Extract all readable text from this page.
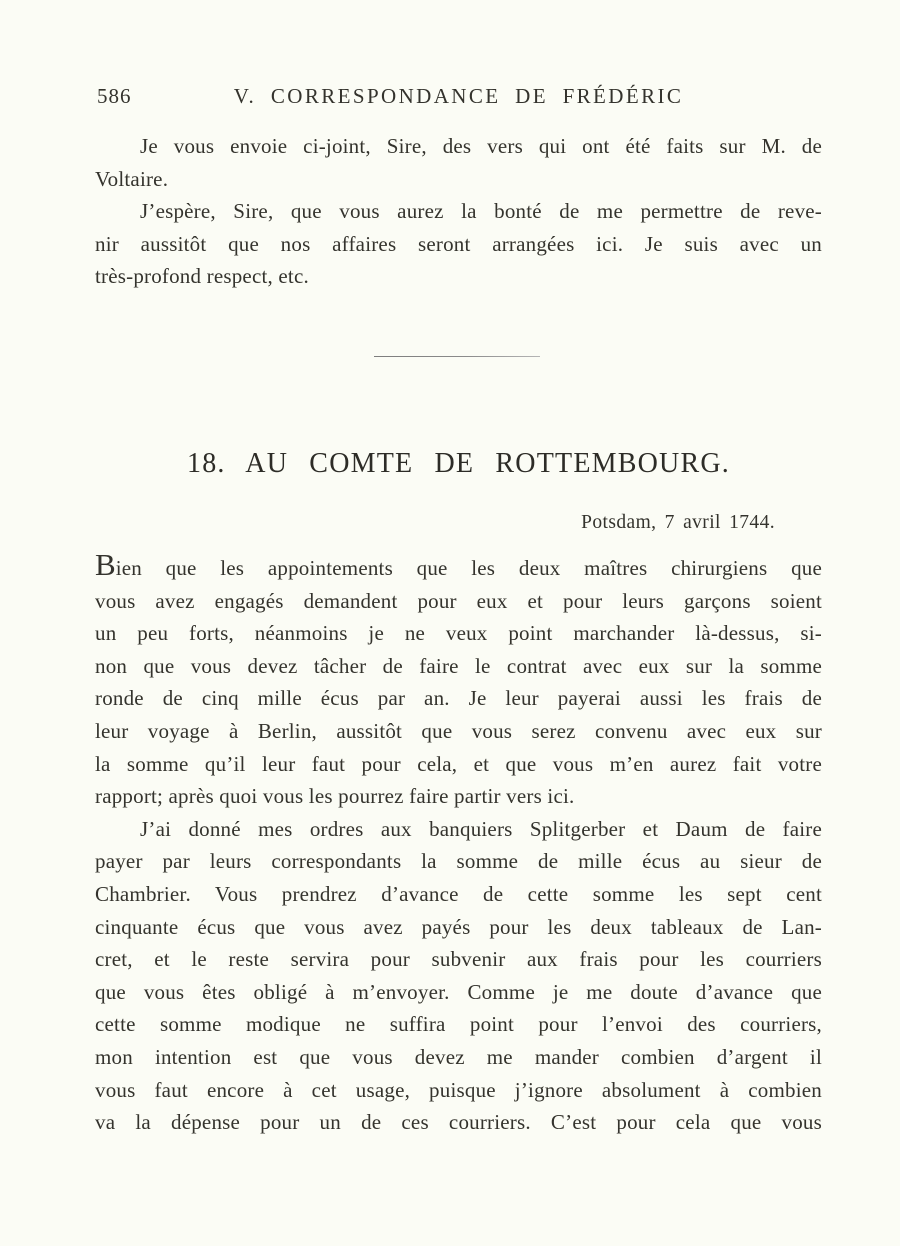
586	V. CORRESPONDANCE DE FRÉDÉRIC
Je vous envoie ci-joint, Sire, des vers qui ont été faits sur M. de
Voltaire.
J’espère, Sire, que vous aurez la bonté de me permettre de reve-
nir aussitôt que nos affaires seront arrangées ici. Je suis avec un
très-profond respect, etc.
18. AU COMTE DE ROTTEMBOURG.
Potsdam, 7 avril 1744.
Bien que les appointements que les deux maîtres chirurgiens que
vous avez engagés demandent pour eux et pour leurs garçons soient
un peu forts, néanmoins je ne veux point marchander là-dessus, si-
non que vous devez tâcher de faire le contrat avec eux sur la somme
ronde de cinq mille écus par an. Je leur payerai aussi les frais de
leur voyage à Berlin, aussitôt que vous serez convenu avec eux sur
la somme qu’il leur faut pour cela, et que vous m’en aurez fait votre
rapport; après quoi vous les pourrez faire partir vers ici.
J’ai donné mes ordres aux banquiers Splitgerber et Daum de faire
payer par leurs correspondants la somme de mille écus au sieur de
Chambrier. Vous prendrez d’avance de cette somme les sept cent
cinquante écus que vous avez payés pour les deux tableaux de Lan-
cret, et le reste servira pour subvenir aux frais pour les courriers
que vous êtes obligé à m’envoyer. Comme je me doute d’avance que
cette somme modique ne suffira point pour l’envoi des courriers,
mon intention est que vous devez me mander combien d’argent il
vous faut encore à cet usage, puisque j’ignore absolument à combien
va la dépense pour un de ces courriers. C’est pour cela que vous
